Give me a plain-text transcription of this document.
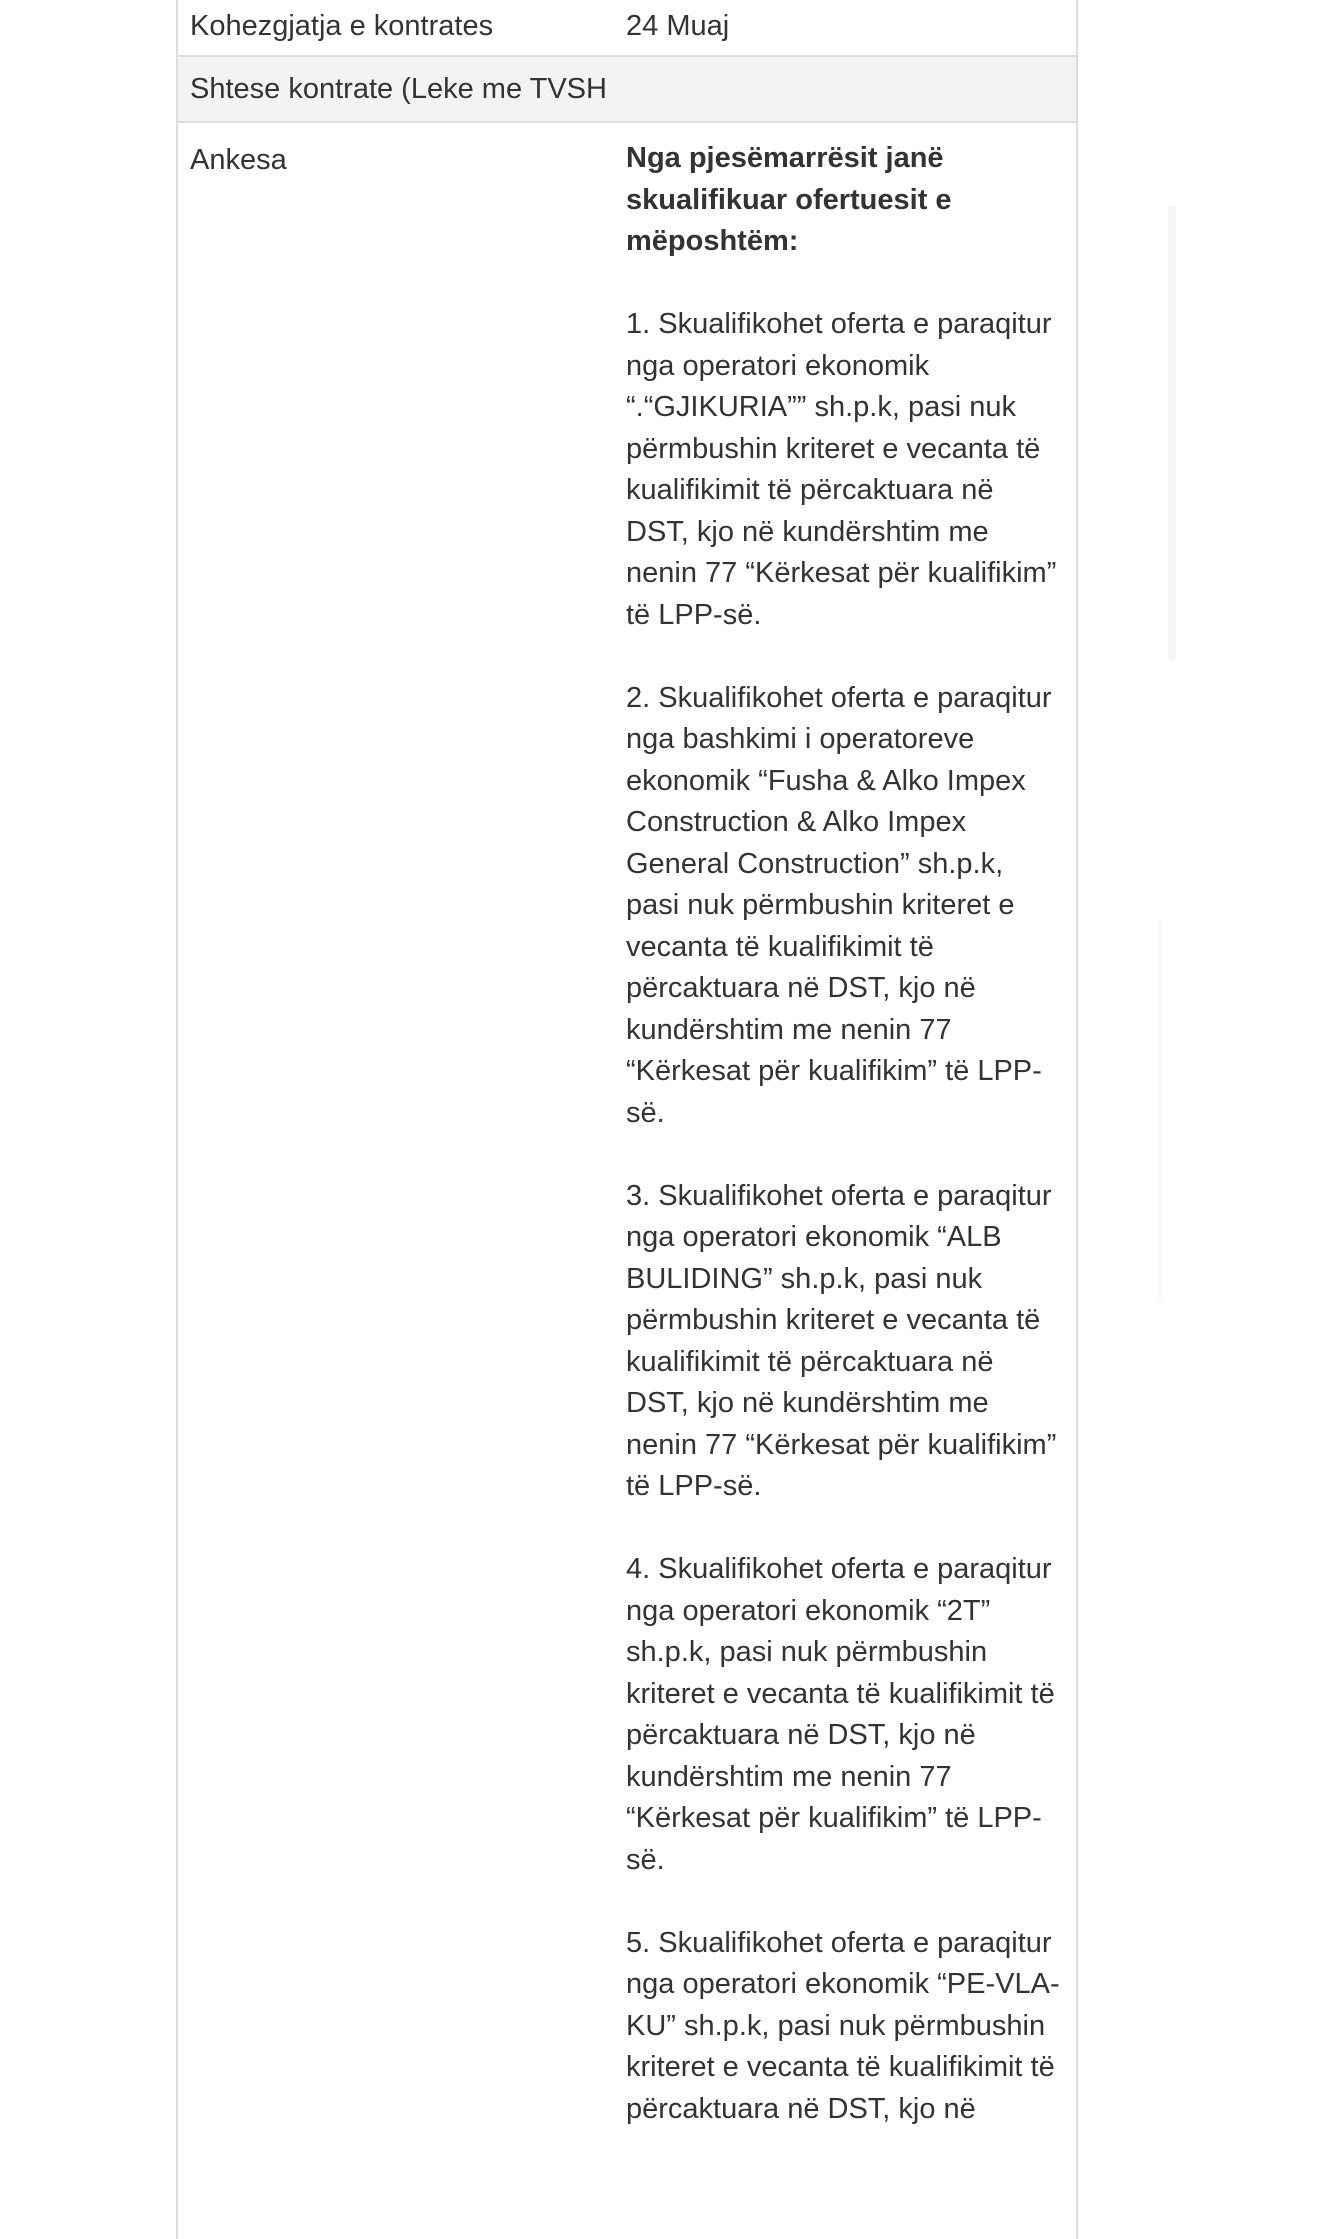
Kohezgjatja e kontrates	24 Muaj
Shtese kontrate (Leke me TVSH
Ankesa	Nga pjesëmarrësit janë skualifikuar ofertuesit e mëposhtëm:

1. Skualifikohet oferta e paraqitur nga operatori ekonomik “.“GJIKURIA”” sh.p.k, pasi nuk përmbushin kriteret e vecanta të kualifikimit të përcaktuara në DST, kjo në kundërshtim me nenin 77 “Kërkesat për kualifikim” të LPP-së.

2. Skualifikohet oferta e paraqitur nga bashkimi i operatoreve ekonomik “Fusha & Alko Impex Construction & Alko Impex General Construction” sh.p.k, pasi nuk përmbushin kriteret e vecanta të kualifikimit të përcaktuara në DST, kjo në kundërshtim me nenin 77 “Kërkesat për kualifikim” të LPP-së.

3. Skualifikohet oferta e paraqitur nga operatori ekonomik “ALB BULIDING” sh.p.k, pasi nuk përmbushin kriteret e vecanta të kualifikimit të përcaktuara në DST, kjo në kundërshtim me nenin 77 “Kërkesat për kualifikim” të LPP-së.

4. Skualifikohet oferta e paraqitur nga operatori ekonomik “2T” sh.p.k, pasi nuk përmbushin kriteret e vecanta të kualifikimit të përcaktuara në DST, kjo në kundërshtim me nenin 77 “Kërkesat për kualifikim” të LPP-së.

5. Skualifikohet oferta e paraqitur nga operatori ekonomik “PE-VLA-KU” sh.p.k, pasi nuk përmbushin kriteret e vecanta të kualifikimit të përcaktuara në DST, kjo në
